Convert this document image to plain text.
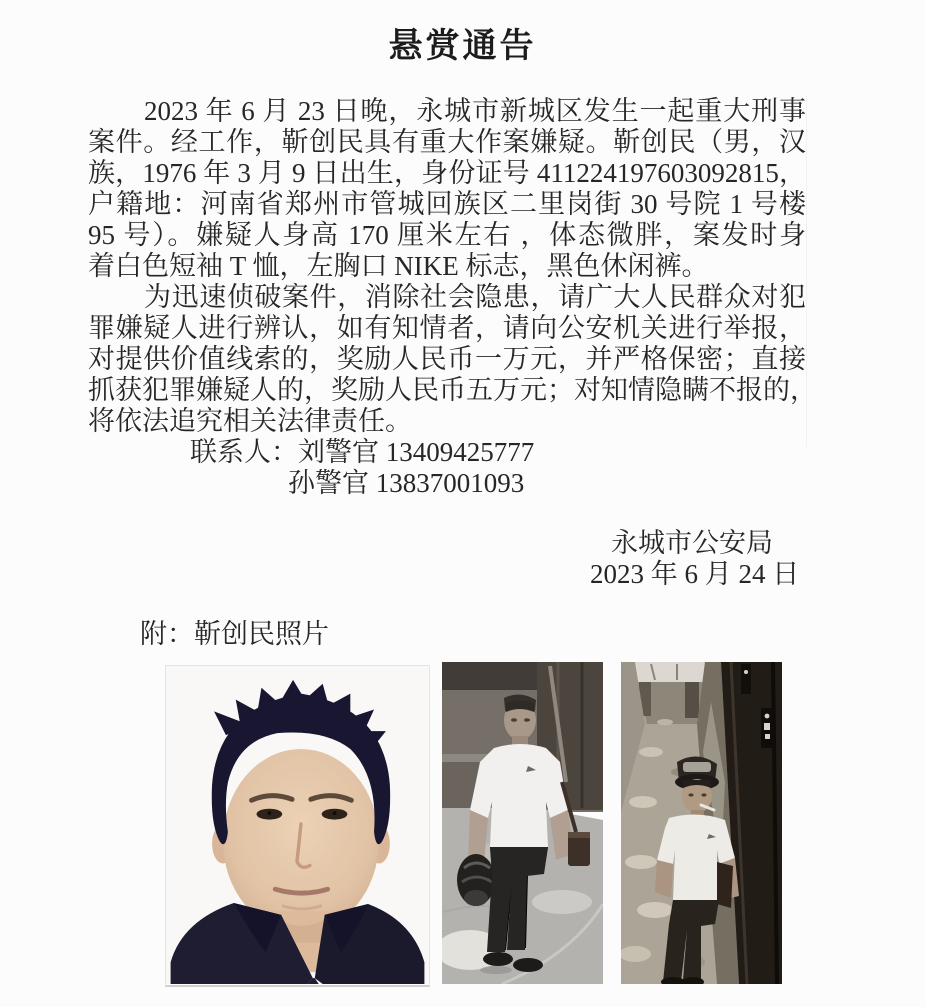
悬赏通告
2023 年 6 月 23 日晚，永城市新城区发生一起重大刑事
案件。经工作，靳创民具有重大作案嫌疑。靳创民（男，汉
族，1976 年 3 月 9 日出生，身份证号 411224197603092815，
户籍地：河南省郑州市管城回族区二里岗街 30 号院 1 号楼
95 号）。嫌疑人身高 170 厘米左右 ，体态微胖，案发时身
着白色短袖 T 恤，左胸口 NIKE 标志，黑色休闲裤。
为迅速侦破案件，消除社会隐患，请广大人民群众对犯
罪嫌疑人进行辨认，如有知情者，请向公安机关进行举报，
对提供价值线索的，奖励人民币一万元，并严格保密；直接
抓获犯罪嫌疑人的，奖励人民币五万元；对知情隐瞒不报的，
将依法追究相关法律责任。
联系人：刘警官 13409425777
孙警官 13837001093
永城市公安局
2023 年 6 月 24 日
附：靳创民照片
